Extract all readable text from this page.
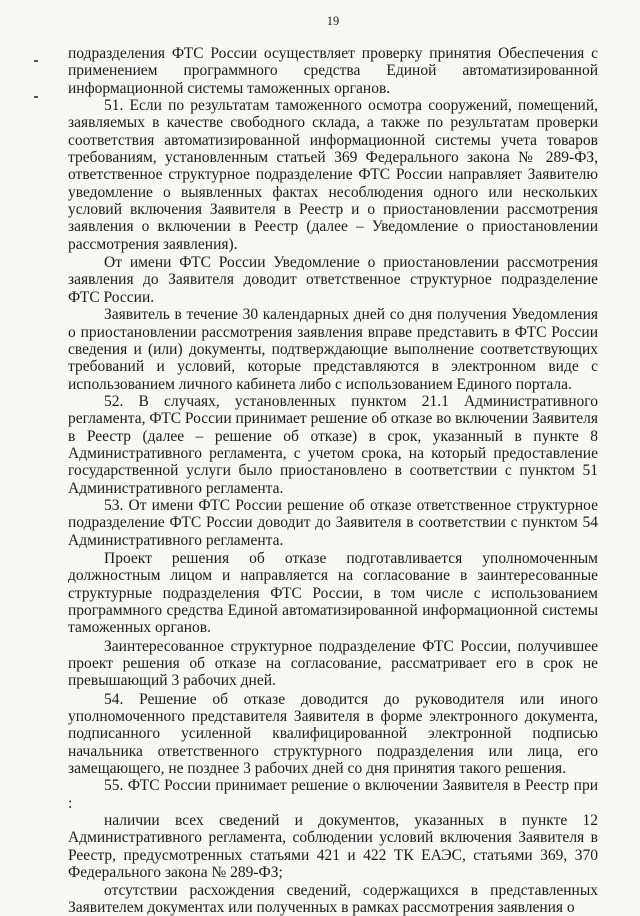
19

подразделения ФТС России осуществляет проверку принятия Обеспечения с применением программного средства Единой автоматизированной информационной системы таможенных органов.

51. Если по результатам таможенного осмотра сооружений, помещений, заявляемых в качестве свободного склада, а также по результатам проверки соответствия автоматизированной информационной системы учета товаров требованиям, установленным статьей 369 Федерального закона № 289-ФЗ, ответственное структурное подразделение ФТС России направляет Заявителю уведомление о выявленных фактах несоблюдения одного или нескольких условий включения Заявителя в Реестр и о приостановлении рассмотрения заявления о включении в Реестр (далее – Уведомление о приостановлении рассмотрения заявления).

От имени ФТС России Уведомление о приостановлении рассмотрения заявления до Заявителя доводит ответственное структурное подразделение ФТС России.

Заявитель в течение 30 календарных дней со дня получения Уведомления о приостановлении рассмотрения заявления вправе представить в ФТС России сведения и (или) документы, подтверждающие выполнение соответствующих требований и условий, которые представляются в электронном виде с использованием личного кабинета либо с использованием Единого портала.

52. В случаях, установленных пунктом 21.1 Административного регламента, ФТС России принимает решение об отказе во включении Заявителя в Реестр (далее – решение об отказе) в срок, указанный в пункте 8 Административного регламента, с учетом срока, на который предоставление государственной услуги было приостановлено в соответствии с пунктом 51 Административного регламента.

53. От имени ФТС России решение об отказе ответственное структурное подразделение ФТС России доводит до Заявителя в соответствии с пунктом 54 Административного регламента.

Проект решения об отказе подготавливается уполномоченным должностным лицом и направляется на согласование в заинтересованные структурные подразделения ФТС России, в том числе с использованием программного средства Единой автоматизированной информационной системы таможенных органов.

Заинтересованное структурное подразделение ФТС России, получившее проект решения об отказе на согласование, рассматривает его в срок не превышающий 3 рабочих дней.

54. Решение об отказе доводится до руководителя или иного уполномоченного представителя Заявителя в форме электронного документа, подписанного усиленной квалифицированной электронной подписью начальника ответственного структурного подразделения или лица, его замещающего, не позднее 3 рабочих дней со дня принятия такого решения.

55. ФТС России принимает решение о включении Заявителя в Реестр при :

наличии всех сведений и документов, указанных в пункте 12 Административного регламента, соблюдении условий включения Заявителя в Реестр, предусмотренных статьями 421 и 422 ТК ЕАЭС, статьями 369, 370 Федерального закона № 289-ФЗ;

отсутствии расхождения сведений, содержащихся в представленных Заявителем документах или полученных в рамках рассмотрения заявления о
